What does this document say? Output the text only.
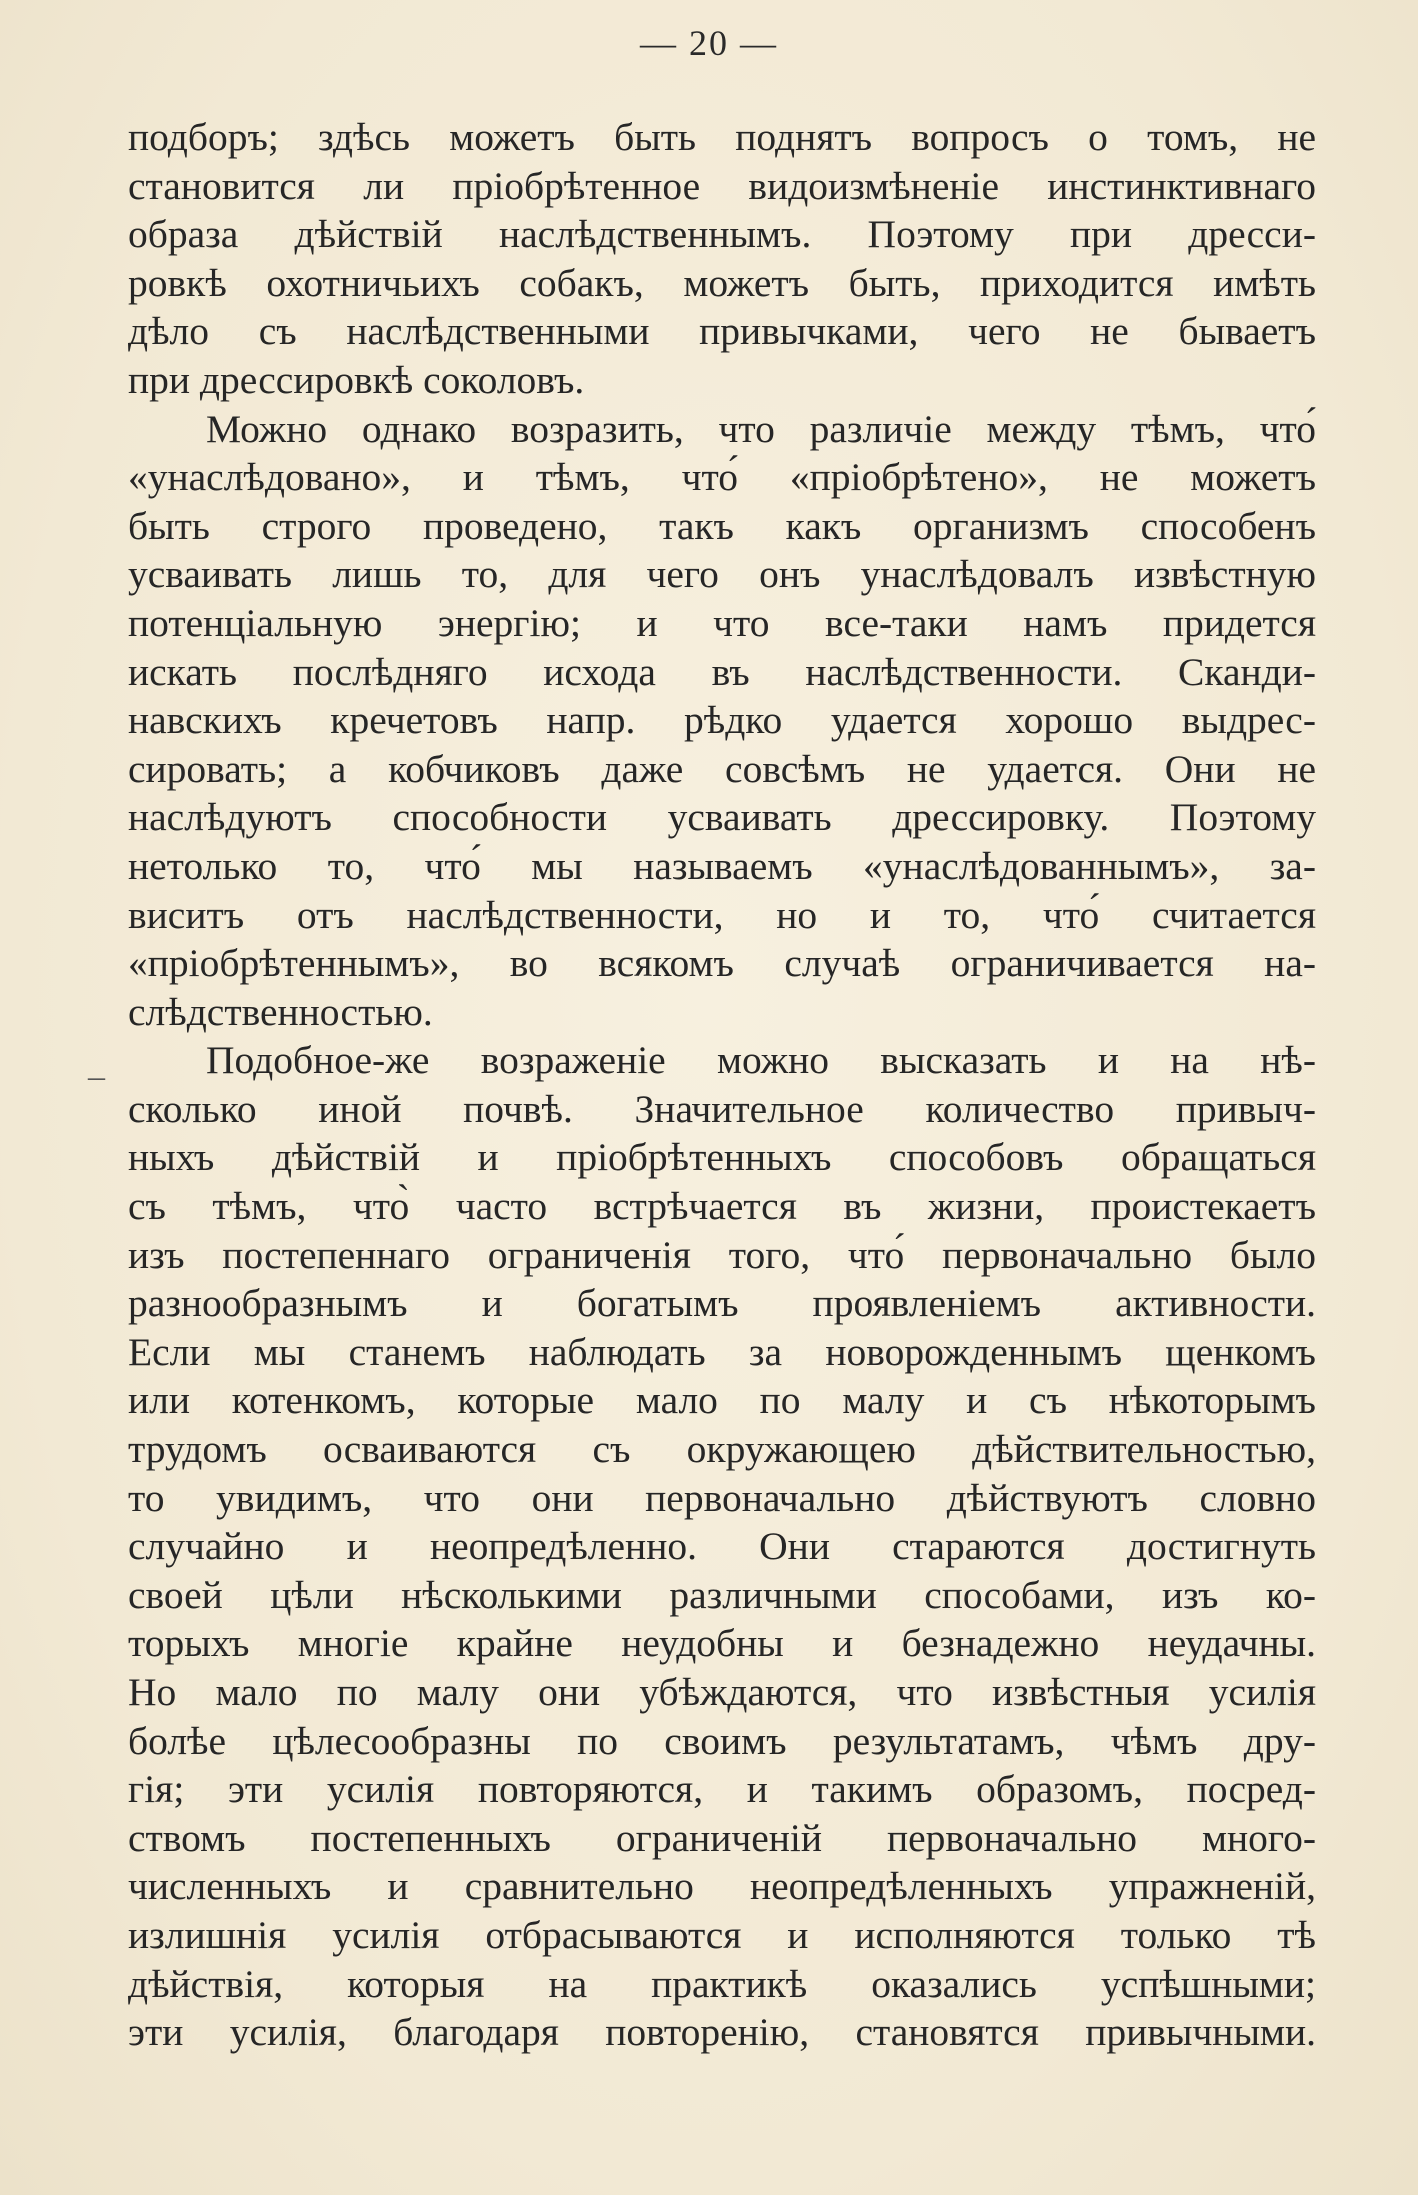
— 20 —
–
подборъ; здѣсь можетъ быть поднятъ вопросъ о томъ, не
становится ли пріобрѣтенное видоизмѣненіе инстинктивнаго
образа дѣйствій наслѣдственнымъ. Поэтому при дресси-
ровкѣ охотничьихъ собакъ, можетъ быть, приходится имѣть
дѣло съ наслѣдственными привычками, чего не бываетъ
при дрессировкѣ соколовъ.
Можно однако возразить, что различіе между тѣмъ, что́
«унаслѣдовано», и тѣмъ, что́ «пріобрѣтено», не можетъ
быть строго проведено, такъ какъ организмъ способенъ
усваивать лишь то, для чего онъ унаслѣдовалъ извѣстную
потенціальную энергію; и что все-таки намъ придется
искать послѣдняго исхода въ наслѣдственности. Сканди-
навскихъ кречетовъ напр. рѣдко удается хорошо выдрес-
сировать; а кобчиковъ даже совсѣмъ не удается. Они не
наслѣдуютъ способности усваивать дрессировку. Поэтому
нетолько то, что́ мы называемъ «унаслѣдованнымъ», за-
виситъ отъ наслѣдственности, но и то, что́ считается
«пріобрѣтеннымъ», во всякомъ случаѣ ограничивается на-
слѣдственностью.
Подобное-же возраженіе можно высказать и на нѣ-
сколько иной почвѣ. Значительное количество привыч-
ныхъ дѣйствій и пріобрѣтенныхъ способовъ обращаться
съ тѣмъ, что̀ часто встрѣчается въ жизни, проистекаетъ
изъ постепеннаго ограниченія того, что́ первоначально было
разнообразнымъ и богатымъ проявленіемъ активности.
Если мы станемъ наблюдать за новорожденнымъ щенкомъ
или котенкомъ, которые мало по малу и съ нѣкоторымъ
трудомъ осваиваются съ окружающею дѣйствительностью,
то увидимъ, что они первоначально дѣйствуютъ словно
случайно и неопредѣленно. Они стараются достигнуть
своей цѣли нѣсколькими различными способами, изъ ко-
торыхъ многіе крайне неудобны и безнадежно неудачны.
Но мало по малу они убѣждаются, что извѣстныя усилія
болѣе цѣлесообразны по своимъ результатамъ, чѣмъ дру-
гія; эти усилія повторяются, и такимъ образомъ, посред-
ствомъ постепенныхъ ограниченій первоначально много-
численныхъ и сравнительно неопредѣленныхъ упражненій,
излишнія усилія отбрасываются и исполняются только тѣ
дѣйствія, которыя на практикѣ оказались успѣшными;
эти усилія, благодаря повторенію, становятся привычными.
